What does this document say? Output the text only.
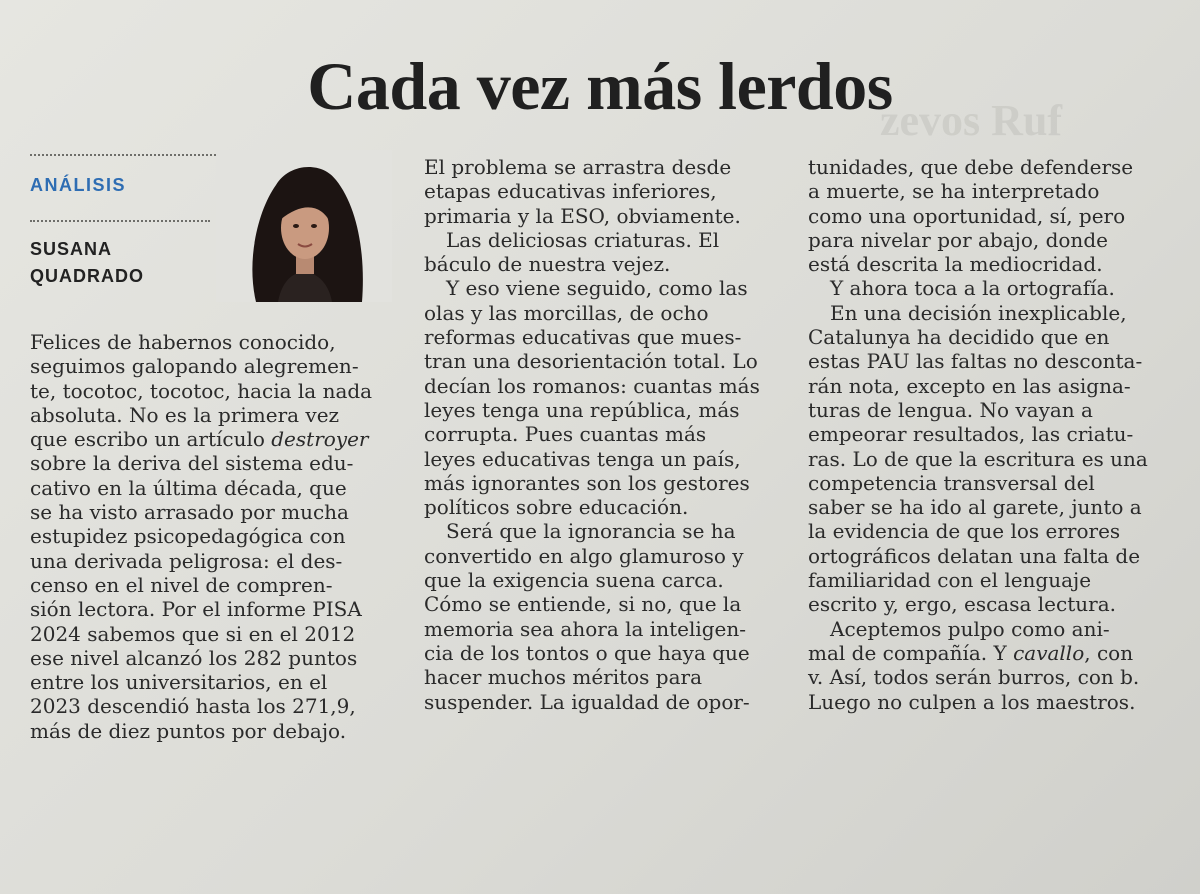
zevos Ruf
Cada vez más lerdos
ANÁLISIS
SUSANA
QUADRADO
Felices de habernos conocido,
seguimos galopando alegremen-
te, tocotoc, tocotoc, hacia la nada
absoluta. No es la primera vez
que escribo un artículo destroyer
sobre la deriva del sistema edu-
cativo en la última década, que
se ha visto arrasado por mucha
estupidez psicopedagógica con
una derivada peligrosa: el des-
censo en el nivel de compren-
sión lectora. Por el informe PISA
2024 sabemos que si en el 2012
ese nivel alcanzó los 282 puntos
entre los universitarios, en el
2023 descendió hasta los 271,9,
más de diez puntos por debajo.
El problema se arrastra desde
etapas educativas inferiores,
primaria y la ESO, obviamente.
Las deliciosas criaturas. El
báculo de nuestra vejez.
Y eso viene seguido, como las
olas y las morcillas, de ocho
reformas educativas que mues-
tran una desorientación total. Lo
decían los romanos: cuantas más
leyes tenga una república, más
corrupta. Pues cuantas más
leyes educativas tenga un país,
más ignorantes son los gestores
políticos sobre educación.
Será que la ignorancia se ha
convertido en algo glamuroso y
que la exigencia suena carca.
Cómo se entiende, si no, que la
memoria sea ahora la inteligen-
cia de los tontos o que haya que
hacer muchos méritos para
suspender. La igualdad de opor-
tunidades, que debe defenderse
a muerte, se ha interpretado
como una oportunidad, sí, pero
para nivelar por abajo, donde
está descrita la mediocridad.
Y ahora toca a la ortografía.
En una decisión inexplicable,
Catalunya ha decidido que en
estas PAU las faltas no desconta-
rán nota, excepto en las asigna-
turas de lengua. No vayan a
empeorar resultados, las criatu-
ras. Lo de que la escritura es una
competencia transversal del
saber se ha ido al garete, junto a
la evidencia de que los errores
ortográficos delatan una falta de
familiaridad con el lenguaje
escrito y, ergo, escasa lectura.
Aceptemos pulpo como ani-
mal de compañía. Y cavallo, con
v. Así, todos serán burros, con b.
Luego no culpen a los maestros.
